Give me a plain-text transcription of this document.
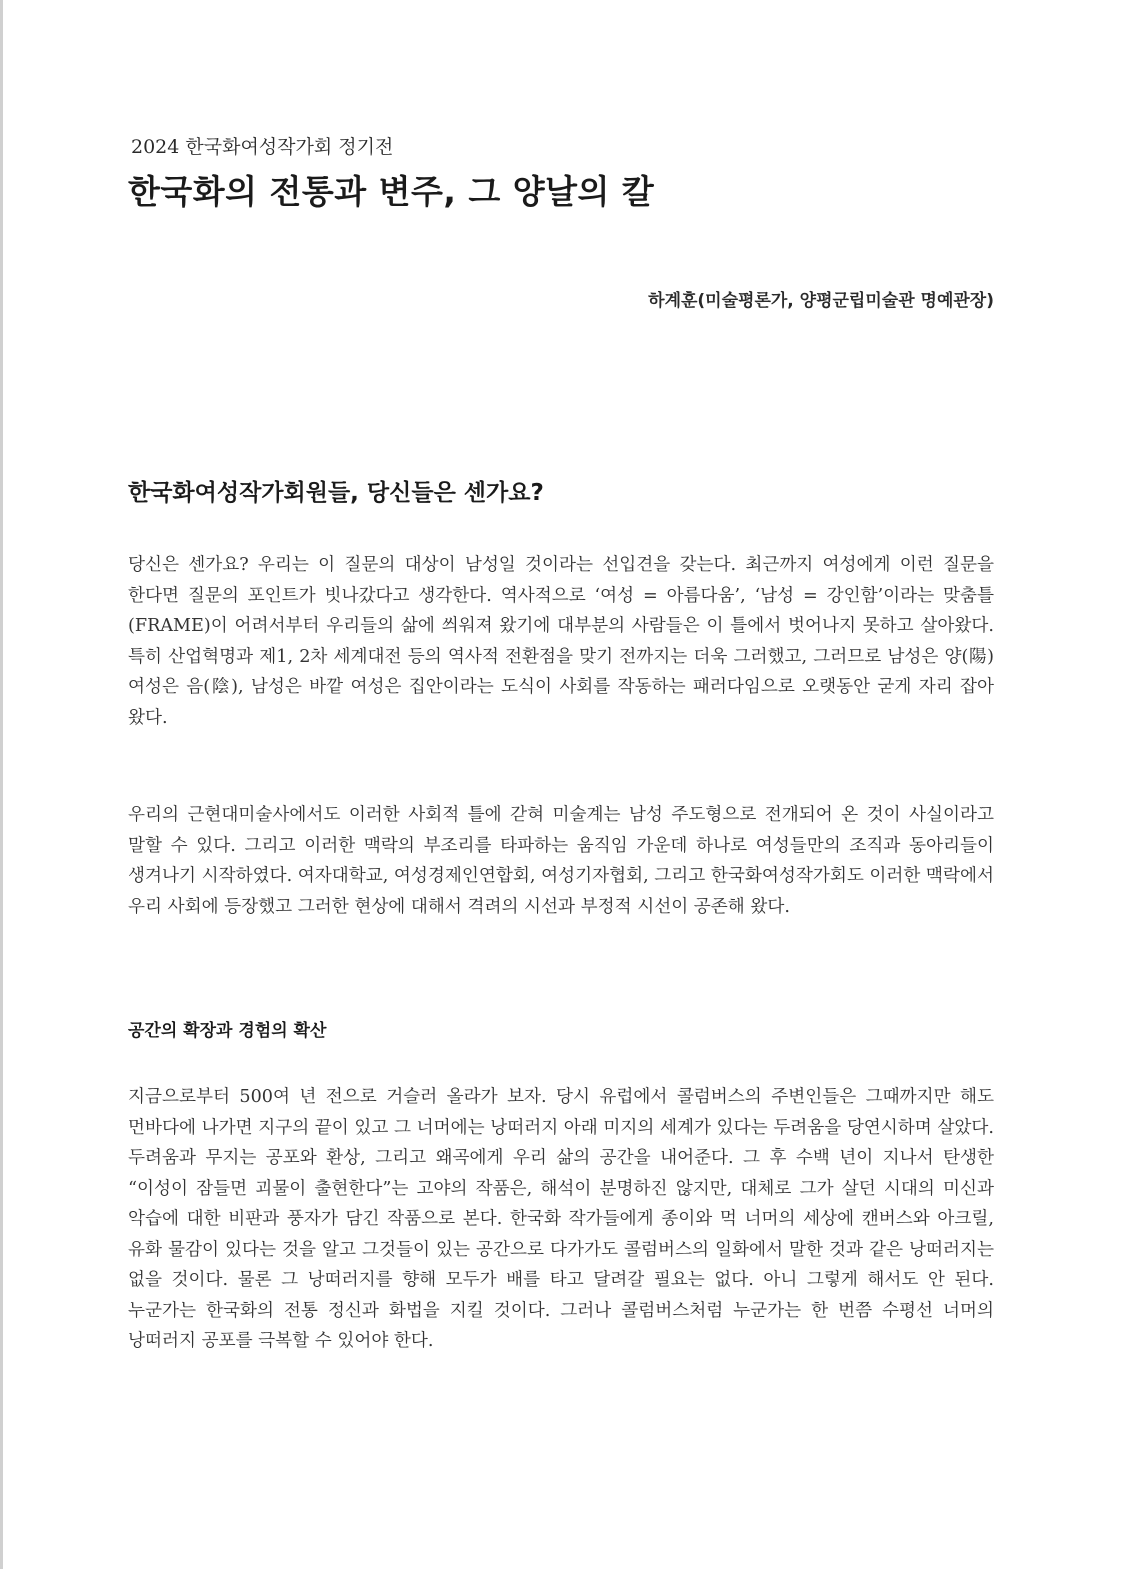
2024 한국화여성작가회 정기전
한국화의 전통과 변주, 그 양날의 칼
하계훈(미술평론가, 양평군립미술관 명예관장)
한국화여성작가회원들, 당신들은 센가요?

당신은 센가요? 우리는 이 질문의 대상이 남성일 것이라는 선입견을 갖는다. 최근까지 여성에게 이런 질문을 한다면 질문의 포인트가 빗나갔다고 생각한다. 역사적으로 ‘여성 = 아름다움’, ‘남성 = 강인함’이라는 맞춤틀(FRAME)이 어려서부터 우리들의 삶에 씌워져 왔기에 대부분의 사람들은 이 틀에서 벗어나지 못하고 살아왔다. 특히 산업혁명과 제1, 2차 세계대전 등의 역사적 전환점을 맞기 전까지는 더욱 그러했고, 그러므로 남성은 양(陽) 여성은 음(陰), 남성은 바깥 여성은 집안이라는 도식이 사회를 작동하는 패러다임으로 오랫동안 굳게 자리 잡아 왔다.

우리의 근현대미술사에서도 이러한 사회적 틀에 갇혀 미술계는 남성 주도형으로 전개되어 온 것이 사실이라고 말할 수 있다. 그리고 이러한 맥락의 부조리를 타파하는 움직임 가운데 하나로 여성들만의 조직과 동아리들이 생겨나기 시작하였다. 여자대학교, 여성경제인연합회, 여성기자협회, 그리고 한국화여성작가회도 이러한 맥락에서 우리 사회에 등장했고 그러한 현상에 대해서 격려의 시선과 부정적 시선이 공존해 왔다.

공간의 확장과 경험의 확산

지금으로부터 500여 년 전으로 거슬러 올라가 보자. 당시 유럽에서 콜럼버스의 주변인들은 그때까지만 해도 먼바다에 나가면 지구의 끝이 있고 그 너머에는 낭떠러지 아래 미지의 세계가 있다는 두려움을 당연시하며 살았다. 두려움과 무지는 공포와 환상, 그리고 왜곡에게 우리 삶의 공간을 내어준다. 그 후 수백 년이 지나서 탄생한 “이성이 잠들면 괴물이 출현한다”는 고야의 작품은, 해석이 분명하진 않지만, 대체로 그가 살던 시대의 미신과 악습에 대한 비판과 풍자가 담긴 작품으로 본다. 한국화 작가들에게 종이와 먹 너머의 세상에 캔버스와 아크릴, 유화 물감이 있다는 것을 알고 그것들이 있는 공간으로 다가가도 콜럼버스의 일화에서 말한 것과 같은 낭떠러지는 없을 것이다. 물론 그 낭떠러지를 향해 모두가 배를 타고 달려갈 필요는 없다. 아니 그렇게 해서도 안 된다. 누군가는 한국화의 전통 정신과 화법을 지킬 것이다. 그러나 콜럼버스처럼 누군가는 한 번쯤 수평선 너머의 낭떠러지 공포를 극복할 수 있어야 한다.
